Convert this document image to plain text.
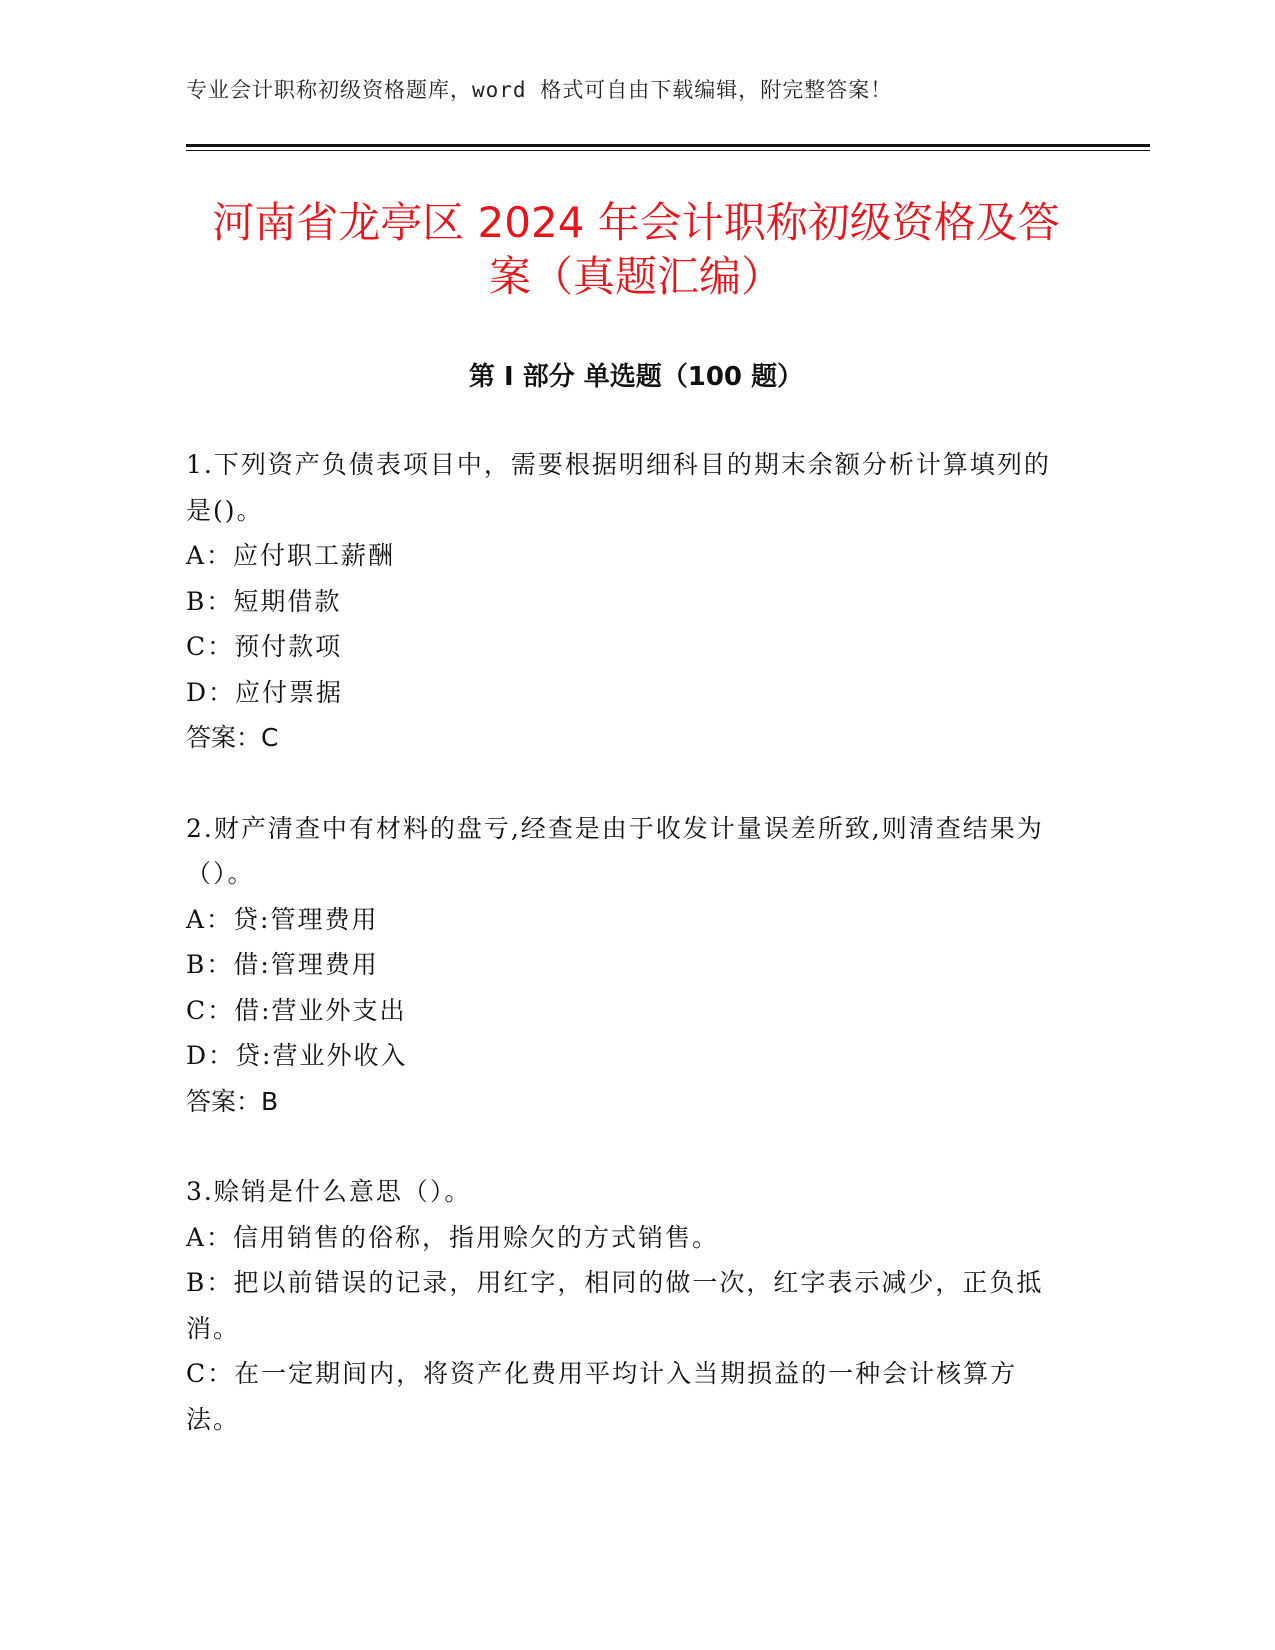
专业会计职称初级资格题库，word 格式可自由下载编辑，附完整答案！
河南省龙亭区 2024 年会计职称初级资格及答
案（真题汇编）
第 I 部分 单选题（100 题）

1.下列资产负债表项目中，需要根据明细科目的期末余额分析计算填列的是()。

A：应付职工薪酬

B：短期借款

C：预付款项

D：应付票据

答案：C

2.财产清查中有材料的盘亏,经查是由于收发计量误差所致,则清查结果为（）。

A：贷:管理费用

B：借:管理费用

C：借:营业外支出

D：贷:营业外收入

答案：B

3.赊销是什么意思（）。

A：信用销售的俗称，指用赊欠的方式销售。

B：把以前错误的记录，用红字，相同的做一次，红字表示减少，正负抵消。

C：在一定期间内，将资产化费用平均计入当期损益的一种会计核算方法。
